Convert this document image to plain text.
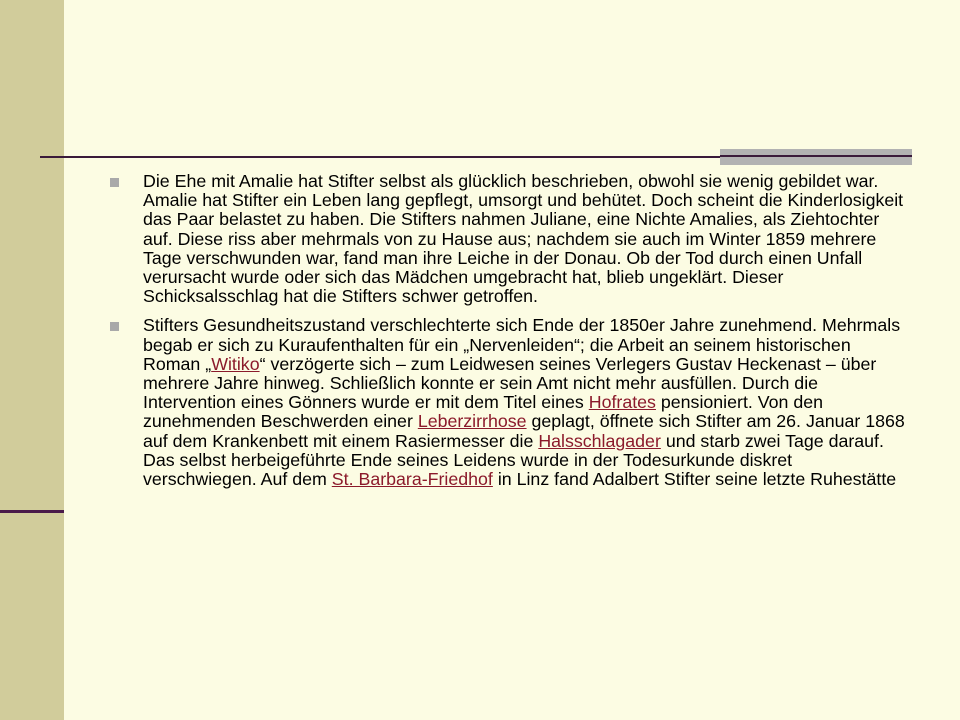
Die Ehe mit Amalie hat Stifter selbst als glücklich beschrieben, obwohl sie wenig gebildet war. Amalie hat Stifter ein Leben lang gepflegt, umsorgt und behütet. Doch scheint die Kinderlosigkeit das Paar belastet zu haben. Die Stifters nahmen Juliane, eine Nichte Amalies, als Ziehtochter auf. Diese riss aber mehrmals von zu Hause aus; nachdem sie auch im Winter 1859 mehrere Tage verschwunden war, fand man ihre Leiche in der Donau. Ob der Tod durch einen Unfall verursacht wurde oder sich das Mädchen umgebracht hat, blieb ungeklärt. Dieser Schicksalsschlag hat die Stifters schwer getroffen.
Stifters Gesundheitszustand verschlechterte sich Ende der 1850er Jahre zunehmend. Mehrmals begab er sich zu Kuraufenthalten für ein „Nervenleiden“; die Arbeit an seinem historischen Roman „Witiko“ verzögerte sich – zum Leidwesen seines Verlegers Gustav Heckenast – über mehrere Jahre hinweg. Schließlich konnte er sein Amt nicht mehr ausfüllen. Durch die Intervention eines Gönners wurde er mit dem Titel eines Hofrates pensioniert. Von den zunehmenden Beschwerden einer Leberzirrhose geplagt, öffnete sich Stifter am 26. Januar 1868 auf dem Krankenbett mit einem Rasiermesser die Halsschlagader und starb zwei Tage darauf. Das selbst herbeigeführte Ende seines Leidens wurde in der Todesurkunde diskret verschwiegen. Auf dem St. Barbara-Friedhof in Linz fand Adalbert Stifter seine letzte Ruhestätte
